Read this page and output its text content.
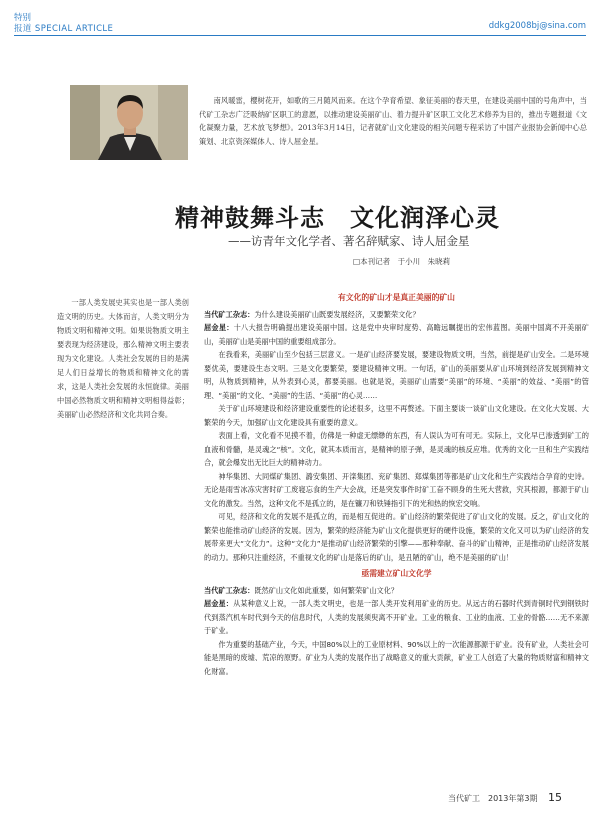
特别
报道 SPECIAL ARTICLE	ddkg2008bj@sina.com
南风暖雷，樱树花开，如歌的三月随风而来。在这个孕育希望、象征美丽的春天里，在建设美丽中国的号角声中，当代矿工杂志广泛吸纳矿区职工的意愿，以推动建设美丽矿山、着力提升矿区职工文化艺术修养为目的，推出专题报道《文化凝聚力量，艺术放飞梦想》。2013年3月14日，记者就矿山文化建设的相关问题专程采访了中国产业报协会新闻中心总策划、北京资深媒体人、诗人屈金星。
精神鼓舞斗志　文化润泽心灵
——访青年文化学者、著名辞赋家、诗人屈金星
□本刊记者　于小川　朱晓莉
一部人类发展史其实也是一部人类创造文明的历史。大体而言，人类文明分为物质文明和精神文明。如果说物质文明主要表现为经济建设，那么精神文明主要表现为文化建设。人类社会发展的目的是满足人们日益增长的物质和精神文化的需求，这是人类社会发展的永恒旋律。美丽中国必然物质文明和精神文明相得益彰；美丽矿山必然经济和文化共同合奏。
有文化的矿山才是真正美丽的矿山

当代矿工杂志：为什么建设美丽矿山既要发展经济，又要繁荣文化？

屈金星：十八大报告明确提出建设美丽中国。这是党中央审时度势、高瞻远瞩提出的宏伟蓝图。美丽中国离不开美丽矿山，美丽矿山是美丽中国的重要组成部分。

在我看来，美丽矿山至少包括三层意义。一是矿山经济要发展，要建设物质文明，当然，前提是矿山安全。二是环境要优美，要建设生态文明。三是文化要繁荣，要建设精神文明。一句话，矿山的美丽要从矿山环境到经济发展到精神文明，从物质到精神，从外表到心灵，都要美丽。也就是说，美丽矿山需要“美丽”的环境、“美丽”的效益、“美丽”的管理、“美丽”的文化、“美丽”的生活、“美丽”的心灵……

关于矿山环境建设和经济建设重要性的论述很多，这里不再赘述。下面主要谈一谈矿山文化建设。在文化大发展、大繁荣的今天，加强矿山文化建设具有重要的意义。

表面上看，文化看不见摸不着，仿佛是一种虚无缥缈的东西，有人误认为可有可无。实际上，文化早已渗透到矿工的血液和骨髓，是灵魂之“核”。文化，就其本质而言，是精神的原子弹，是灵魂的核反应堆。优秀的文化一旦和生产实践结合，就会爆发出无比巨大的精神动力。

神华集团、大同煤矿集团、潞安集团、开滦集团、兖矿集团、郑煤集团等都是矿山文化和生产实践结合孕育的史诗。无论是雨雪冰冻灾害时矿工废寝忘食的生产大会战，还是突发事件时矿工奋不顾身的生死大营救，究其根源，都源于矿山文化的激发。当然，这种文化不是孤立的，是在镰刀和铁锤指引下的光和热的恢宏交响。

可见，经济和文化的发展不是孤立的，而是相互促进的。矿山经济的繁荣促进了矿山文化的发展。反之，矿山文化的繁荣也能推动矿山经济的发展。因为，繁荣的经济能为矿山文化提供更好的硬件设施，繁荣的文化又可以为矿山经济的发展带来更大“文化力”。这种“文化力”是推动矿山经济繁荣的引擎——那种奉献、奋斗的矿山精神，正是推动矿山经济发展的动力。那种只注重经济，不重视文化的矿山是落后的矿山，是丑陋的矿山，绝不是美丽的矿山！

亟需建立矿山文化学

当代矿工杂志：既然矿山文化如此重要，如何繁荣矿山文化？

屈金星：从某种意义上说，一部人类文明史，也是一部人类开发利用矿业的历史。从远古的石器时代到青铜时代到钢铁时代到蒸汽机车时代到今天的信息时代，人类的发展须臾离不开矿业。工业的粮食、工业的血液、工业的骨骼……无不来源于矿业。

作为重要的基础产业，今天，中国80%以上的工业原材料、90%以上的一次能源都源于矿业。没有矿业，人类社会可能是黑暗的废墟、荒凉的原野。矿业为人类的发展作出了战略意义的重大贡献，矿业工人创造了大量的物质财富和精神文化财富。

当代矿工　2013年第3期 15
